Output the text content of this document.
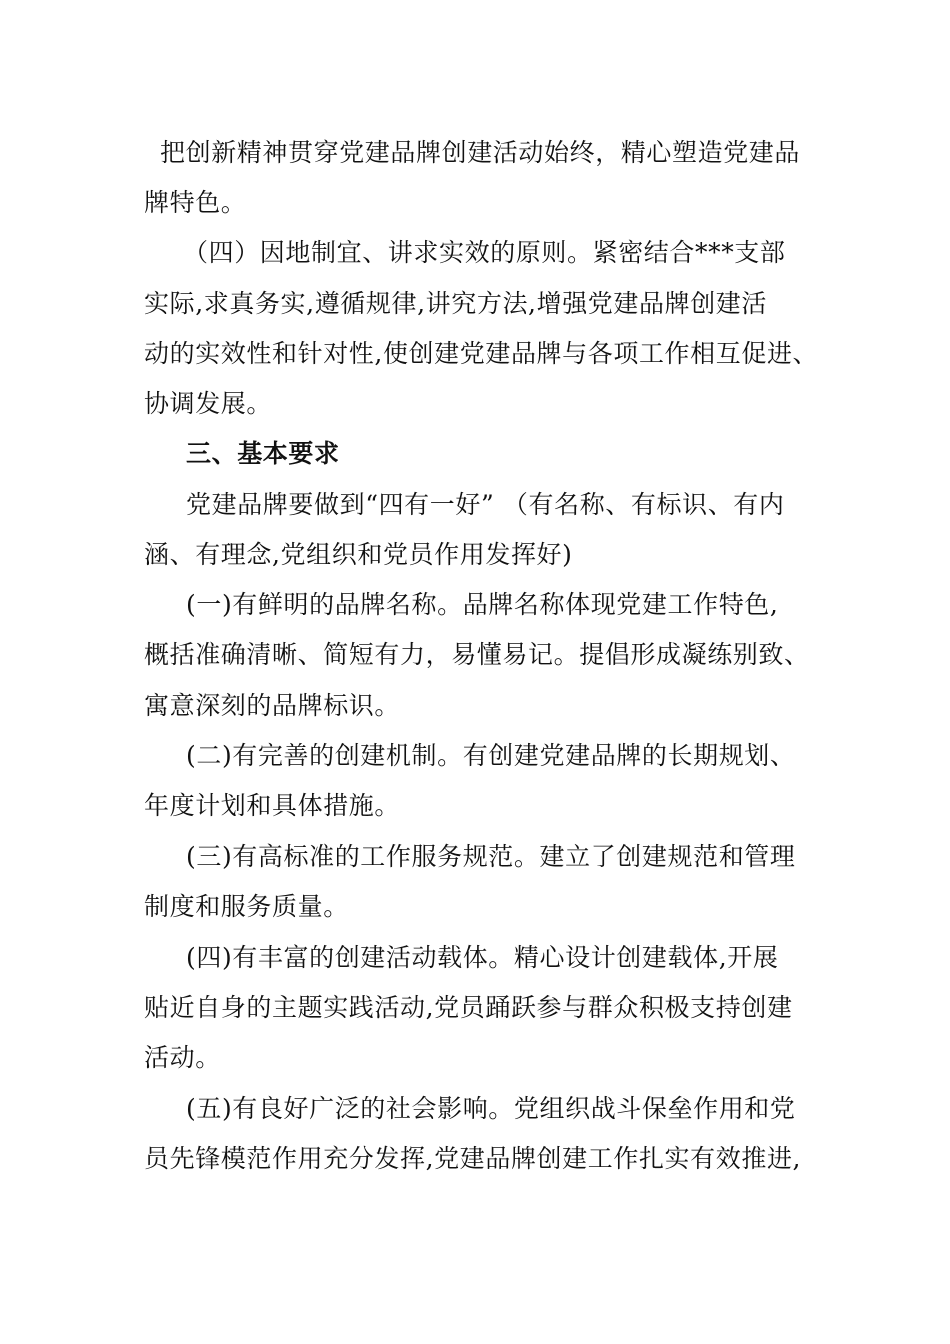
把创新精神贯穿党建品牌创建活动始终，精心塑造党建品
牌特色。
（四）因地制宜、讲求实效的原则。紧密结合***支部
实际,求真务实,遵循规律,讲究方法,增强党建品牌创建活
动的实效性和针对性,使创建党建品牌与各项工作相互促进、
协调发展。
三、基本要求
党建品牌要做到“四有一好” （有名称、有标识、有内
涵、有理念,党组织和党员作用发挥好)
(一)有鲜明的品牌名称。品牌名称体现党建工作特色,
概括准确清晰、简短有力，易懂易记。提倡形成凝练别致、
寓意深刻的品牌标识。
(二)有完善的创建机制。有创建党建品牌的长期规划、
年度计划和具体措施。
(三)有高标准的工作服务规范。建立了创建规范和管理
制度和服务质量。
(四)有丰富的创建活动载体。精心设计创建载体,开展
贴近自身的主题实践活动,党员踊跃参与群众积极支持创建
活动。
(五)有良好广泛的社会影响。党组织战斗保垒作用和党
员先锋模范作用充分发挥,党建品牌创建工作扎实有效推进,
